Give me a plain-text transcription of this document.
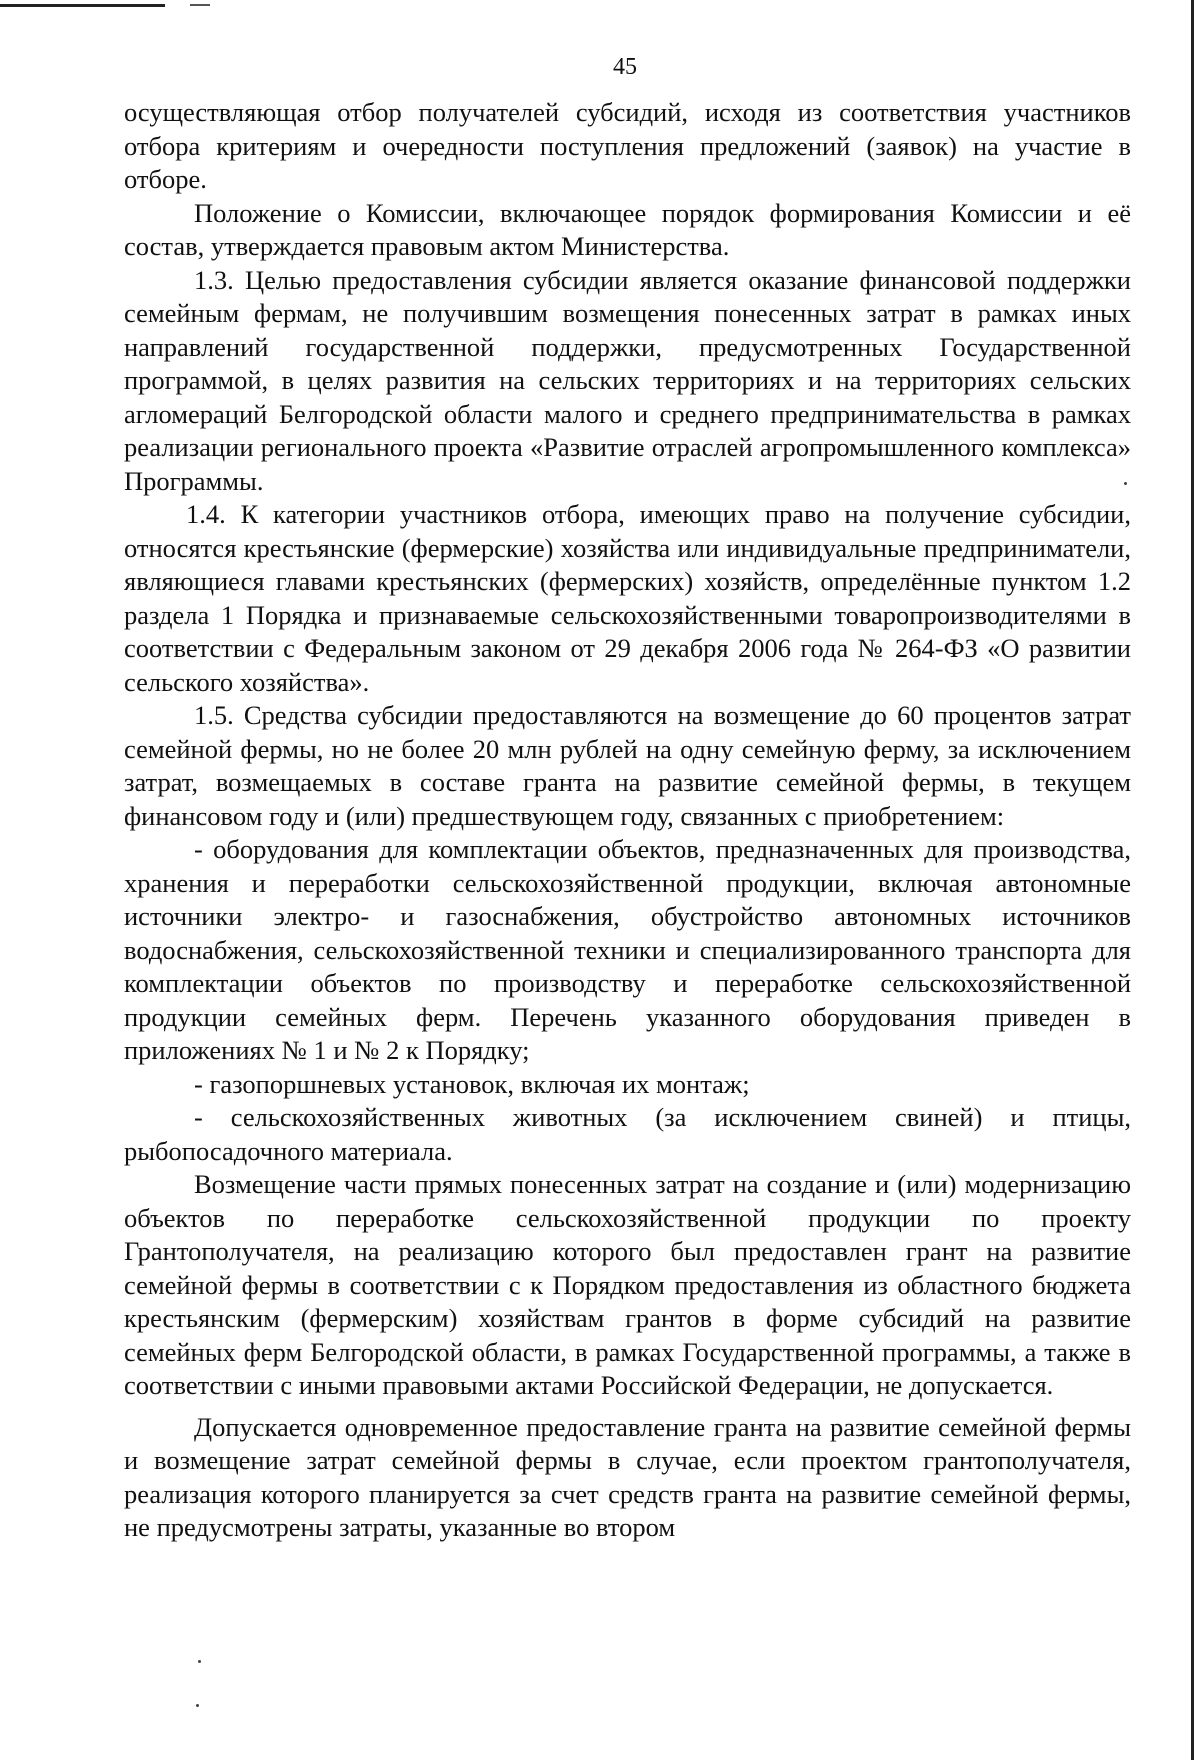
45

осуществляющая отбор получателей субсидий, исходя из соответствия участников отбора критериям и очередности поступления предложений (заявок) на участие в отборе.

Положение о Комиссии, включающее порядок формирования Комиссии и её состав, утверждается правовым актом Министерства.

1.3. Целью предоставления субсидии является оказание финансовой поддержки семейным фермам, не получившим возмещения понесенных затрат в рамках иных направлений государственной поддержки, предусмотренных Государственной программой, в целях развития на сельских территориях и на территориях сельских агломераций Белгородской области малого и среднего предпринимательства в рамках реализации регионального проекта «Развитие отраслей агропромышленного комплекса» Программы.

1.4. К категории участников отбора, имеющих право на получение субсидии, относятся крестьянские (фермерские) хозяйства или индивидуальные предприниматели, являющиеся главами крестьянских (фермерских) хозяйств, определённые пунктом 1.2 раздела 1 Порядка и признаваемые сельскохозяйственными товаропроизводителями в соответствии с Федеральным законом от 29 декабря 2006 года № 264-ФЗ «О развитии сельского хозяйства».

1.5. Средства субсидии предоставляются на возмещение до 60 процентов затрат семейной фермы, но не более 20 млн рублей на одну семейную ферму, за исключением затрат, возмещаемых в составе гранта на развитие семейной фермы, в текущем финансовом году и (или) предшествующем году, связанных с приобретением:

- оборудования для комплектации объектов, предназначенных для производства, хранения и переработки сельскохозяйственной продукции, включая автономные источники электро- и газоснабжения, обустройство автономных источников водоснабжения, сельскохозяйственной техники и специализированного транспорта для комплектации объектов по производству и переработке сельскохозяйственной продукции семейных ферм. Перечень указанного оборудования приведен в приложениях № 1 и № 2 к Порядку;

- газопоршневых установок, включая их монтаж;

- сельскохозяйственных животных (за исключением свиней) и птицы, рыбопосадочного материала.

Возмещение части прямых понесенных затрат на создание и (или) модернизацию объектов по переработке сельскохозяйственной продукции по проекту Грантополучателя, на реализацию которого был предоставлен грант на развитие семейной фермы в соответствии с к Порядком предоставления из областного бюджета крестьянским (фермерским) хозяйствам грантов в форме субсидий на развитие семейных ферм Белгородской области, в рамках Государственной программы, а также в соответствии с иными правовыми актами Российской Федерации, не допускается.

Допускается одновременное предоставление гранта на развитие семейной фермы и возмещение затрат семейной фермы в случае, если проектом грантополучателя, реализация которого планируется за счет средств гранта на развитие семейной фермы, не предусмотрены затраты, указанные во втором
